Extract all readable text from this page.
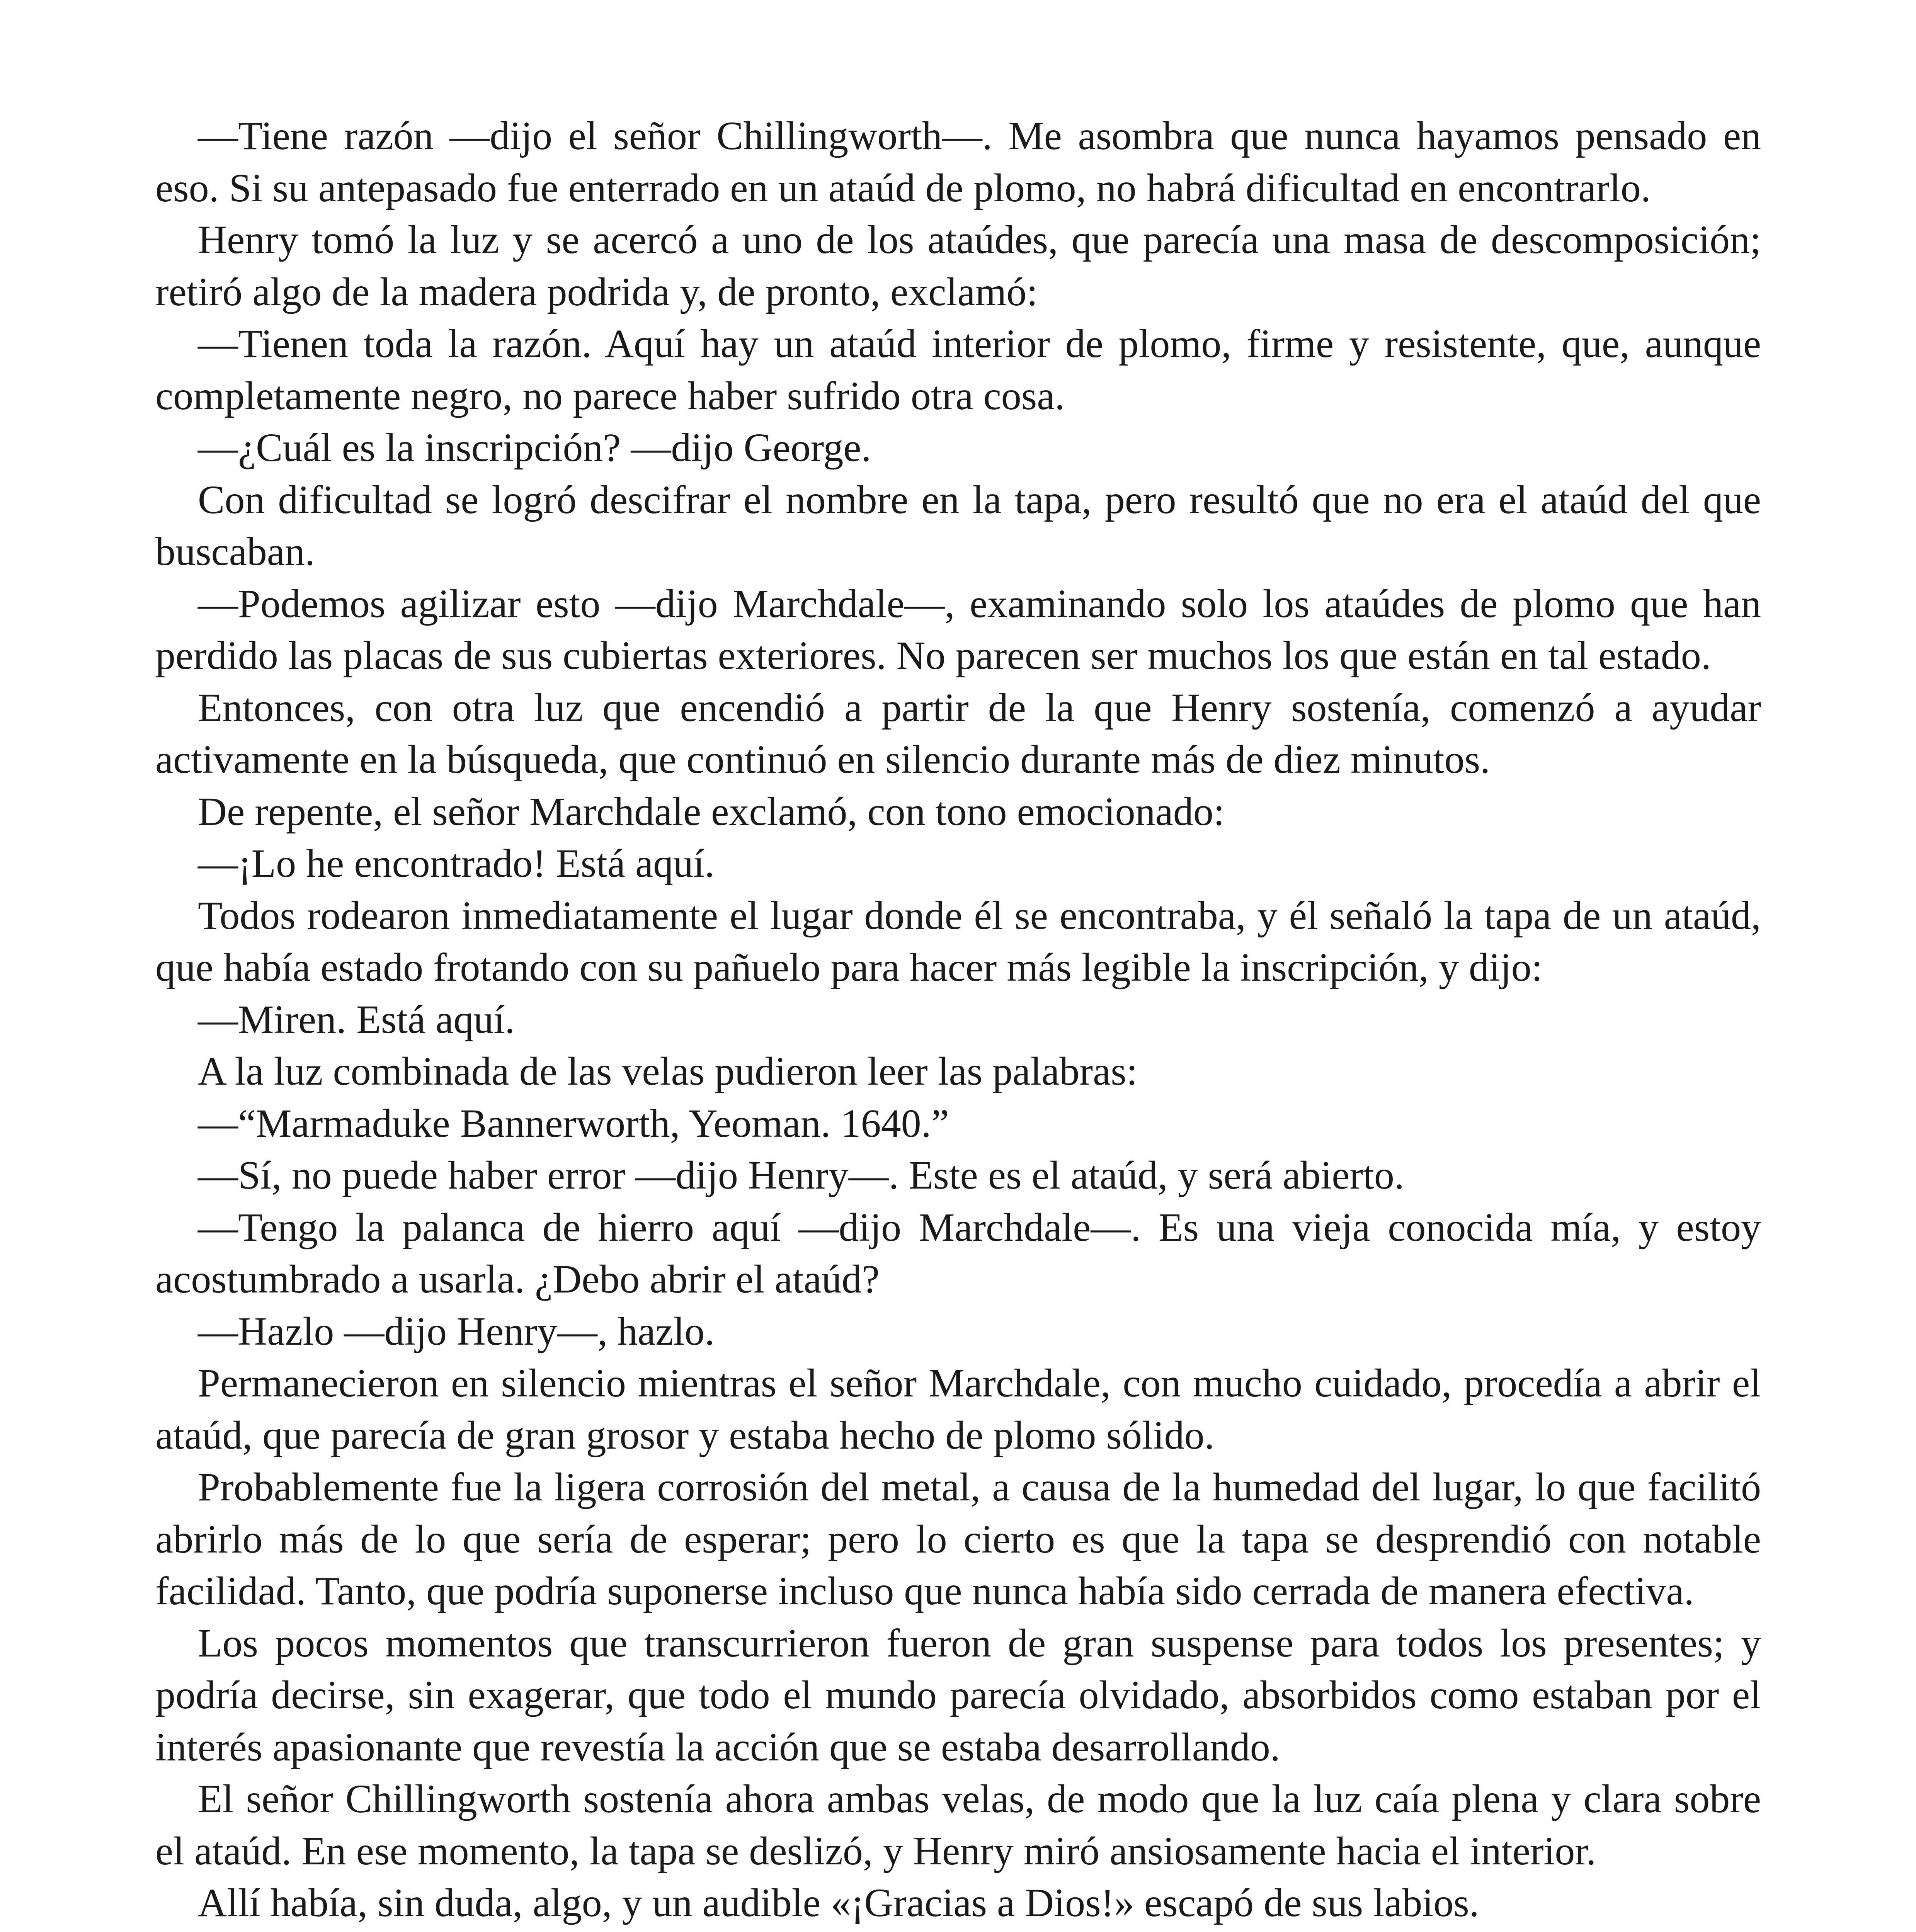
—Tiene razón —dijo el señor Chillingworth—. Me asombra que nunca hayamos pensado en eso. Si su antepasado fue enterrado en un ataúd de plomo, no habrá dificultad en encontrarlo.

Henry tomó la luz y se acercó a uno de los ataúdes, que parecía una masa de descomposición; retiró algo de la madera podrida y, de pronto, exclamó:

—Tienen toda la razón. Aquí hay un ataúd interior de plomo, firme y resistente, que, aunque completamente negro, no parece haber sufrido otra cosa.

—¿Cuál es la inscripción? —dijo George.

Con dificultad se logró descifrar el nombre en la tapa, pero resultó que no era el ataúd del que buscaban.

—Podemos agilizar esto —dijo Marchdale—, examinando solo los ataúdes de plomo que han perdido las placas de sus cubiertas exteriores. No parecen ser muchos los que están en tal estado.

Entonces, con otra luz que encendió a partir de la que Henry sostenía, comenzó a ayudar activamente en la búsqueda, que continuó en silencio durante más de diez minutos.

De repente, el señor Marchdale exclamó, con tono emocionado:

—¡Lo he encontrado! Está aquí.

Todos rodearon inmediatamente el lugar donde él se encontraba, y él señaló la tapa de un ataúd, que había estado frotando con su pañuelo para hacer más legible la inscripción, y dijo:

—Miren. Está aquí.

A la luz combinada de las velas pudieron leer las palabras:

—“Marmaduke Bannerworth, Yeoman. 1640.”

—Sí, no puede haber error —dijo Henry—. Este es el ataúd, y será abierto.

—Tengo la palanca de hierro aquí —dijo Marchdale—. Es una vieja conocida mía, y estoy acostumbrado a usarla. ¿Debo abrir el ataúd?

—Hazlo —dijo Henry—, hazlo.

Permanecieron en silencio mientras el señor Marchdale, con mucho cuidado, procedía a abrir el ataúd, que parecía de gran grosor y estaba hecho de plomo sólido.

Probablemente fue la ligera corrosión del metal, a causa de la humedad del lugar, lo que facilitó abrirlo más de lo que sería de esperar; pero lo cierto es que la tapa se desprendió con notable facilidad. Tanto, que podría suponerse incluso que nunca había sido cerrada de manera efectiva.

Los pocos momentos que transcurrieron fueron de gran suspense para todos los presentes; y podría decirse, sin exagerar, que todo el mundo parecía olvidado, absorbidos como estaban por el interés apasionante que revestía la acción que se estaba desarrollando.

El señor Chillingworth sostenía ahora ambas velas, de modo que la luz caía plena y clara sobre el ataúd. En ese momento, la tapa se deslizó, y Henry miró ansiosamente hacia el interior.

Allí había, sin duda, algo, y un audible «¡Gracias a Dios!» escapó de sus labios.
